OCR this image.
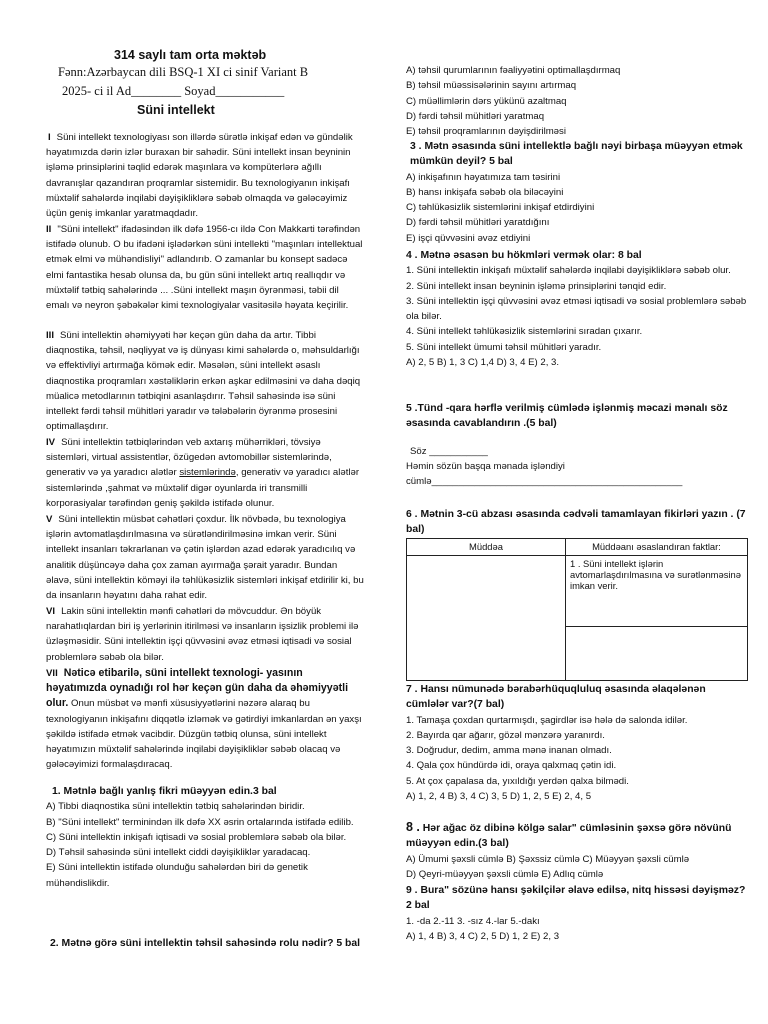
314 saylı tam orta məktəb
Fənn:Azərbaycan dili BSQ-1 XI ci sinif Variant B
2025- ci il Ad________ Soyad___________
Süni intellekt
I Süni intellekt texnologiyası son illərdə sürətlə inkişaf edən və gündəlik həyatımızda dərin izlər buraxan bir sahədir. Süni intellekt insan beyninin işləmə prinsiplərini təqlid edərək maşınlara və kompüterlərə ağıllı davranışlar qazandıran proqramlar sistemidir. Bu texnologiyanın inkişafı müxtəlif sahələrdə inqilabi dəyişikliklərə səbəb olmaqda və gələcəyimiz üçün geniş imkanlar yaratmaqdadır.
II "Süni intellekt" ifadəsindən ilk dəfə 1956-cı ildə Con Makkarti tərəfindən istifadə olunub. O bu ifadəni işlədərkən süni intellekti "maşınları intellektual etmək elmi və mühəndisliyi" adlandırıb. O zamanlar bu konsept sadəcə elmi fantastika hesab olunsa da, bu gün süni intellekt artıq reallıqdır və müxtəlif tətbiq sahələrində ... .Süni intellekt maşın öyrənməsi, təbii dil emalı və neyron şəbəkələr kimi texnologiyalar vasitəsilə həyata keçirilir.
III Süni intellektin əhəmiyyəti hər keçən gün daha da artır. Tibbi diaqnostika, təhsil, nəqliyyat və iş dünyası kimi sahələrdə o, məhsuldarlığı və effektivliyi artırmağa kömək edir. Məsələn, süni intellekt əsaslı diaqnostika proqramları xəstəliklərin erkən aşkar edilməsini və daha dəqiq müalicə metodlarının tətbiqini asanlaşdırır. Təhsil sahəsində isə süni intellekt fərdi təhsil mühitləri yaradır və tələbələrin öyrənmə prosesini optimallaşdırır.
IV Süni intellektin tətbiqlərindən veb axtarış mühərrikləri, tövsiyə sistemləri, virtual assistentlər, özügedən avtomobillər sistemlərində, generativ və ya yaradıcı alətlər sistemlərində, generativ və yaradıcı alətlər sistemlərində ,şahmat və müxtəlif digər oyunlarda iri transmilli korporasiyalar tərəfindən geniş şəkildə istifadə olunur.
V Süni intellektin müsbət cəhətləri çoxdur. İlk növbədə, bu texnologiya işlərin avtomatlaşdırılmasına və sürətləndirilməsinə imkan verir. Süni intellekt insanları təkrarlanan və çətin işlərdən azad edərək yaradıcılıq və analitik düşüncəyə daha çox zaman ayırmağa şərait yaradır. Bundan əlavə, süni intellektin köməyi ilə təhlükəsizlik sistemləri inkişaf etdirilir ki, bu da insanların həyatını daha rahat edir.
VI Lakin süni intellektin mənfi cəhətləri də mövcuddur. Ən böyük narahatlıqlardan biri iş yerlərinin itirilməsi və insanların işsizlik problemi ilə üzləşməsidir. Süni intellektin işçi qüvvəsini əvəz etməsi iqtisadi və sosial problemlərə səbəb ola bilər.
VII Nəticə etibarilə, süni intellekt texnologi- yasının həyatımızda oynadığı rol hər keçən gün daha da əhəmiyyətli olur. Onun müsbət və mənfi xüsusiyyətlərini nəzərə alaraq bu texnologiyanın inkişafını diqqətlə izləmək və gətirdiyi imkanlardan ən yaxşı şəkildə istifadə etmək vacibdir. Düzgün tətbiq olunsa, süni intellekt həyatımızın müxtəlif sahələrində inqilabi dəyişikliklər səbəb olacaq və gələcəyimizi formalaşdıracaq.
1. Mətnlə bağlı yanlış fikri müəyyən edin.3 bal
A) Tibbi diaqnostika süni intellektin tətbiq sahələrindən biridir.
B) "Süni intellekt" terminindən ilk dəfə XX əsrin ortalarında istifadə edilib.
C) Süni intellektin inkişafı iqtisadi və sosial problemlərə səbəb ola bilər.
D) Təhsil sahəsində süni intellekt ciddi dəyişikliklər yaradacaq.
E) Süni intellektin istifadə olunduğu sahələrdən biri də genetik mühəndislikdir.
2. Mətnə görə süni intellektin təhsil sahəsində rolu nədir? 5 bal
A) təhsil qurumlarının fəaliyyətini optimallaşdırmaq
B) təhsil müəssisələrinin sayını artırmaq
C) müəllimlərin dərs yükünü azaltmaq
D) fərdi təhsil mühitləri yaratmaq
E) təhsil proqramlarının dəyişdirilməsi
3 . Mətn əsasında süni intellektlə bağlı nəyi birbaşa müəyyən etmək mümkün deyil? 5 bal
A) inkişafının həyatımıza tam təsirini
B) hansı inkişafa səbəb ola biləcəyini
C) təhlükəsizlik sistemlərini inkişaf etdirdiyini
D) fərdi təhsil mühitləri yaratdığını
E) işçi qüvvəsini əvəz etdiyini
4 . Mətnə əsasən bu hökmləri vermək olar: 8 bal
1. Süni intellektin inkişafı müxtəlif sahələrdə inqilabi dəyişikliklərə səbəb olur.
2. Süni intellekt insan beyninin işləmə prinsiplərini tənqid edir.
3. Süni intellektin işçi qüvvəsini əvəz etməsi iqtisadi və sosial problemlərə səbəb ola bilər.
4. Süni intellekt təhlükəsizlik sistemlərini sıradan çıxarır.
5. Süni intellekt ümumi təhsil mühitləri yaradır.
A) 2, 5 B) 1, 3 C) 1,4 D) 3, 4 E) 2, 3.
5 .Tünd -qara hərflə verilmiş cümlədə işlənmiş məcazi mənalı söz əsasında cavablandırın .(5 bal)
Söz ___________
Həmin sözün başqa mənada işləndiyi
cümlə_______________________________________________
6 . Mətnin 3-cü abzası əsasında cədvəli tamamlayan fikirləri yazın . (7 bal)
Müddəa	Müddəanı əsaslandıran faktlar:
	1 . Süni intellekt işlərin avtomarlaşdırılmasına və surətlənməsinə imkan verir.

7 . Hansı nümunədə bərabərhüquqluluq əsasında əlaqələnən cümlələr var?(7 bal)
1. Tamaşa çoxdan qurtarmışdı, şagirdlər isə hələ də salonda idilər.
2. Bayırda qar ağarır, gözəl mənzərə yaranırdı.
3. Doğrudur, dedim, amma mənə inanan olmadı.
4. Qala çox hündürdə idi, oraya qalxmaq çətin idi.
5. At çox çapalasa da, yıxıldığı yerdən qalxa bilmədi.
A) 1, 2, 4 B) 3, 4 C) 3, 5 D) 1, 2, 5 E) 2, 4, 5
8 . Hər ağac öz dibinə kölgə salar" cümləsinin şəxsə görə növünü müəyyən edin.(3 bal)
A) Ümumi şəxsli cümlə B) Şəxssiz cümlə C) Müəyyən şəxsli cümlə
D) Qeyri-müəyyən şəxsli cümlə E) Adlıq cümlə
9 . Bura" sözünə hansı şəkilçilər əlavə edilsə, nitq hissəsi dəyişməz? 2 bal
1. -da 2.-11 3. -sız 4.-lar 5.-dakı
A) 1, 4 B) 3, 4 C) 2, 5 D) 1, 2 E) 2, 3
